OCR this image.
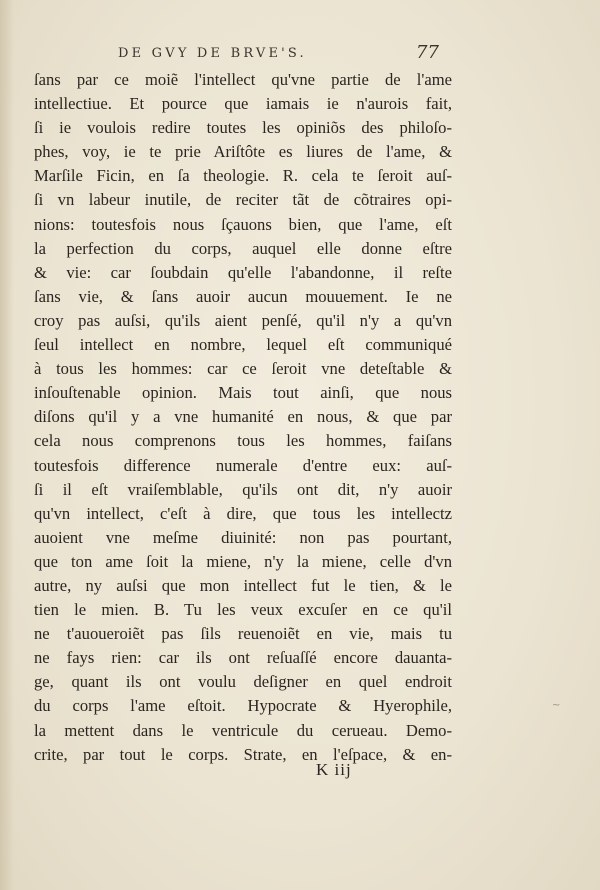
DE GVY DE BRVE'S.	77
ſans par ce moiẽ l'intellect qu'vne partie de l'ame
intellectiue. Et pource que iamais ie n'aurois fait,
ſi ie voulois redire toutes les opiniõs des philoſo-
phes, voy, ie te prie Ariſtôte es liures de l'ame, &
Marſile Ficin, en ſa theologie. R. cela te ſeroit auſ-
ſi vn labeur inutile, de reciter tãt de cõtraires opi-
nions: toutesfois nous ſçauons bien, que l'ame, eſt
la perfection du corps, auquel elle donne eſtre
& vie: car ſoubdain qu'elle l'abandonne, il reſte
ſans vie, & ſans auoir aucun mouuement. Ie ne
croy pas auſsi, qu'ils aient penſé, qu'il n'y a qu'vn
ſeul intellect en nombre, lequel eſt communiqué
à tous les hommes: car ce ſeroit vne deteſtable &
inſouſtenable opinion. Mais tout ainſi, que nous
diſons qu'il y a vne humanité en nous, & que par
cela nous comprenons tous les hommes, faiſans
toutesfois difference numerale d'entre eux: auſ-
ſi il eſt vraiſemblable, qu'ils ont dit, n'y auoir
qu'vn intellect, c'eſt à dire, que tous les intellectz
auoient vne meſme diuinité: non pas pourtant,
que ton ame ſoit la miene, n'y la miene, celle d'vn
autre, ny auſsi que mon intellect fut le tien, & le
tien le mien. B. Tu les veux excuſer en ce qu'il
ne t'auoueroiẽt pas ſils reuenoiẽt en vie, mais tu
ne fays rien: car ils ont reſuaſſé encore dauanta-
ge, quant ils ont voulu deſigner en quel endroit
du corps l'ame eſtoit. Hypocrate & Hyerophile,
la mettent dans le ventricule du cerueau. Demo-
crite, par tout le corps. Strate, en l'eſpace, & en-
K iij
~
